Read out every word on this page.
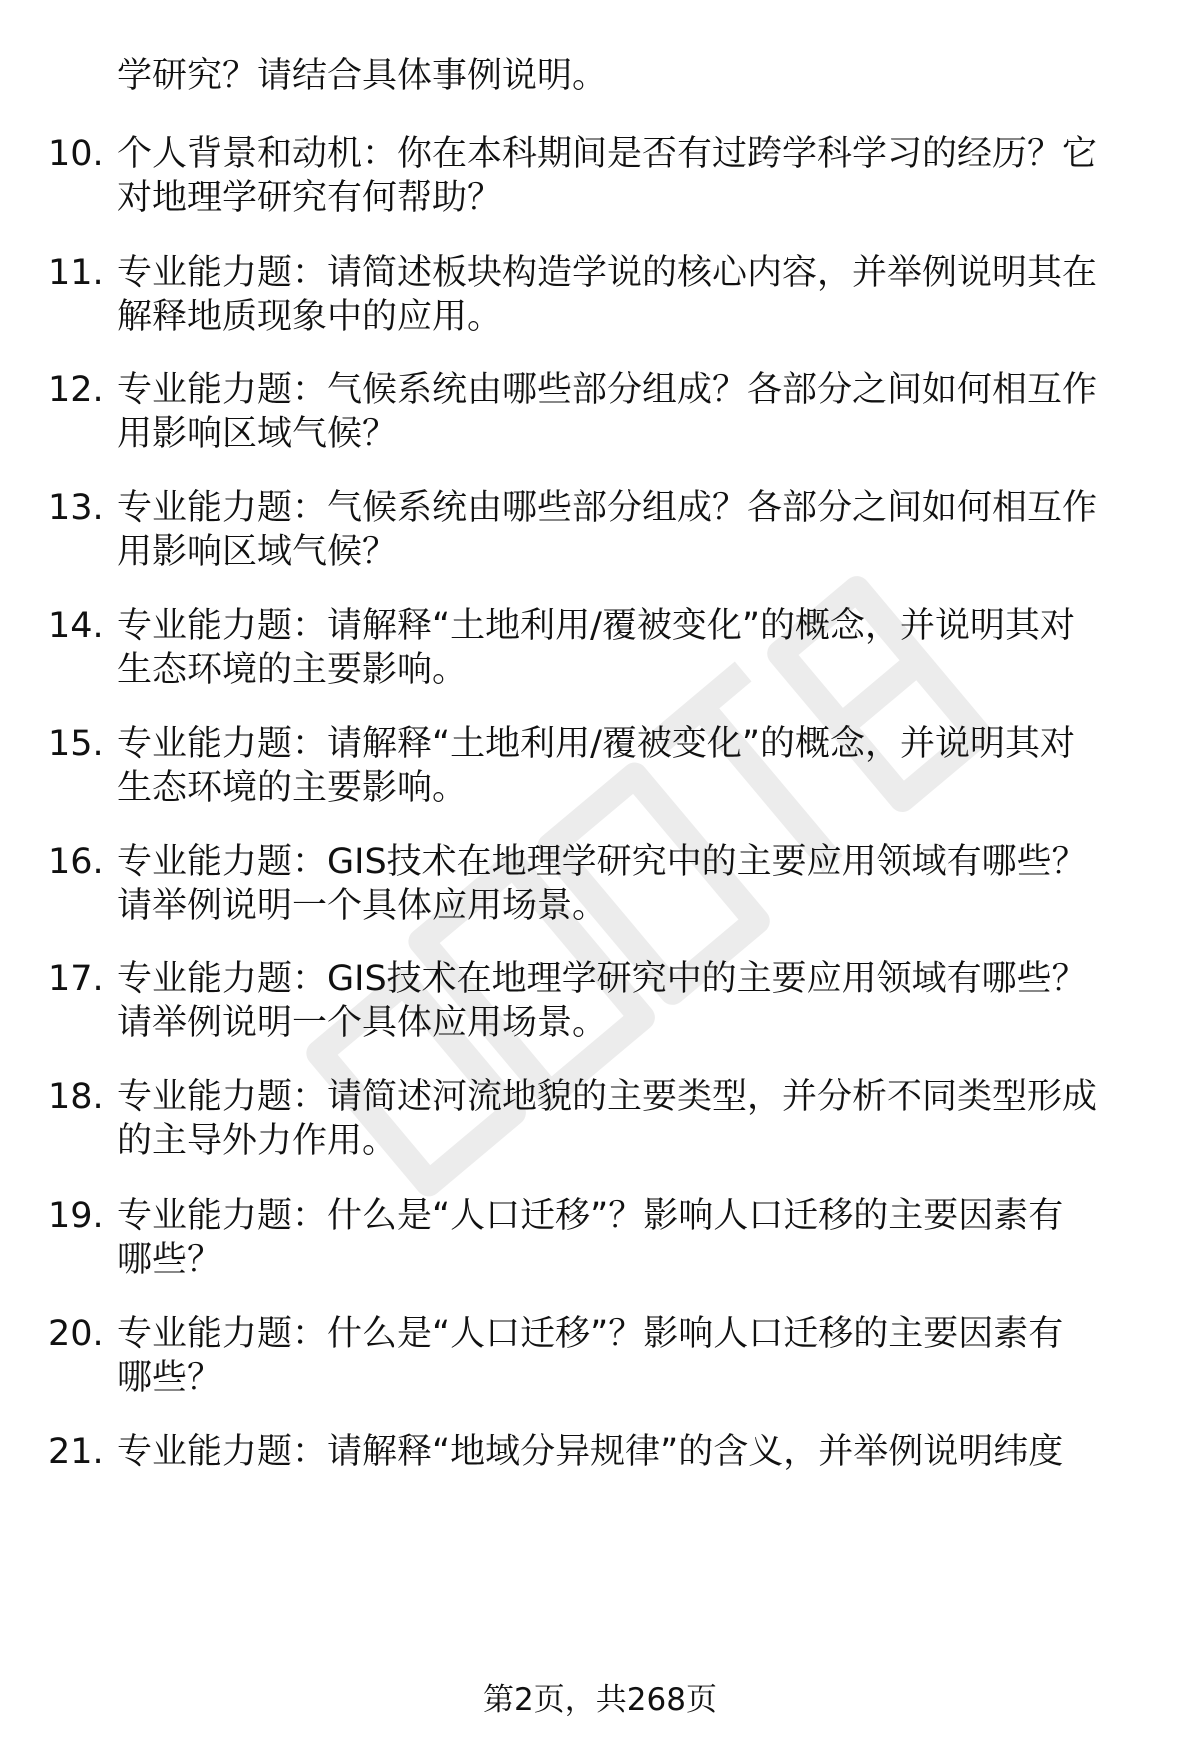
学研究？请结合具体事例说明。
10. 个人背景和动机：你在本科期间是否有过跨学科学习的经历？它
对地理学研究有何帮助？
11. 专业能力题：请简述板块构造学说的核心内容，并举例说明其在
解释地质现象中的应用。
12. 专业能力题：气候系统由哪些部分组成？各部分之间如何相互作
用影响区域气候？
13. 专业能力题：气候系统由哪些部分组成？各部分之间如何相互作
用影响区域气候？
14. 专业能力题：请解释“土地利用/覆被变化”的概念，并说明其对
生态环境的主要影响。
15. 专业能力题：请解释“土地利用/覆被变化”的概念，并说明其对
生态环境的主要影响。
16. 专业能力题：GIS技术在地理学研究中的主要应用领域有哪些？
请举例说明一个具体应用场景。
17. 专业能力题：GIS技术在地理学研究中的主要应用领域有哪些？
请举例说明一个具体应用场景。
18. 专业能力题：请简述河流地貌的主要类型，并分析不同类型形成
的主导外力作用。
19. 专业能力题：什么是“人口迁移”？影响人口迁移的主要因素有
哪些？
20. 专业能力题：什么是“人口迁移”？影响人口迁移的主要因素有
哪些？
21. 专业能力题：请解释“地域分异规律”的含义，并举例说明纬度
第2页，共268页
